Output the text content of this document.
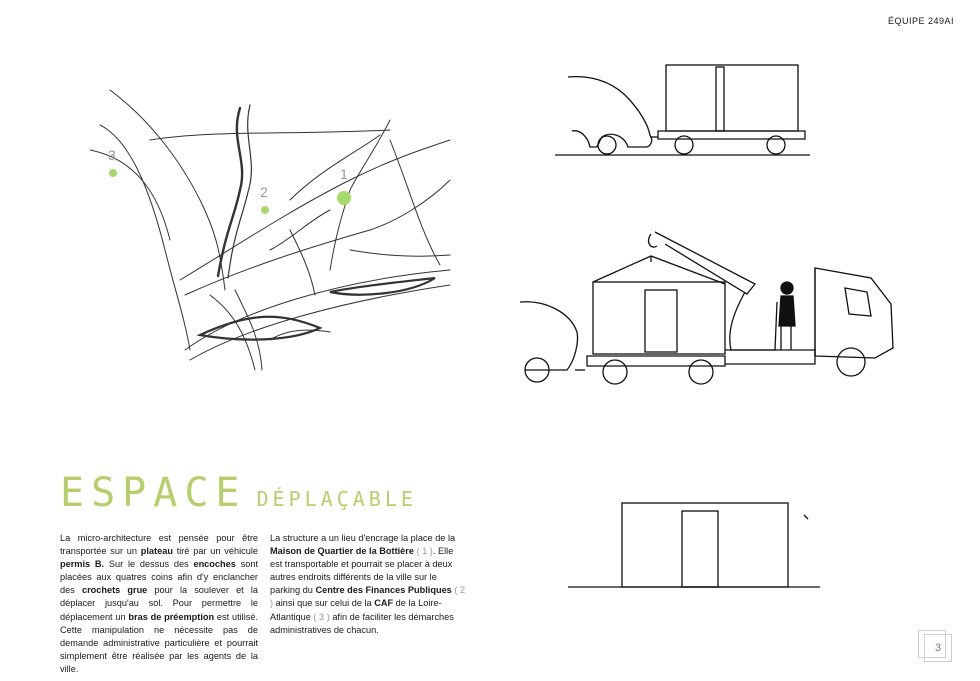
ÉQUIPE 249AI
3
2
1
ESPACE DÉPLAÇABLE
La micro-architecture est pensée pour être transportée sur un plateau tiré par un véhicule permis B. Sur le dessus des encoches sont placées aux quatres coins afin d'y enclancher des crochets grue pour la soulever et la déplacer jusqu'au sol. Pour permettre le déplacement un bras de préemption est utilisé. Cette manipulation ne nécessite pas de demande administrative particulière et pourrait simplement être réalisée par les agents de la ville.
La structure a un lieu d'encrage la place de la Maison de Quartier de la Bottière ( 1 ). Elle est transportable et pourrait se placer à deux autres endroits différents de la ville sur le parking du Centre des Finances Publiques ( 2 ) ainsi que sur celui de la CAF de la Loire-Atlantique ( 3 ) afin de faciliter les démarches administratives de chacun.
3
